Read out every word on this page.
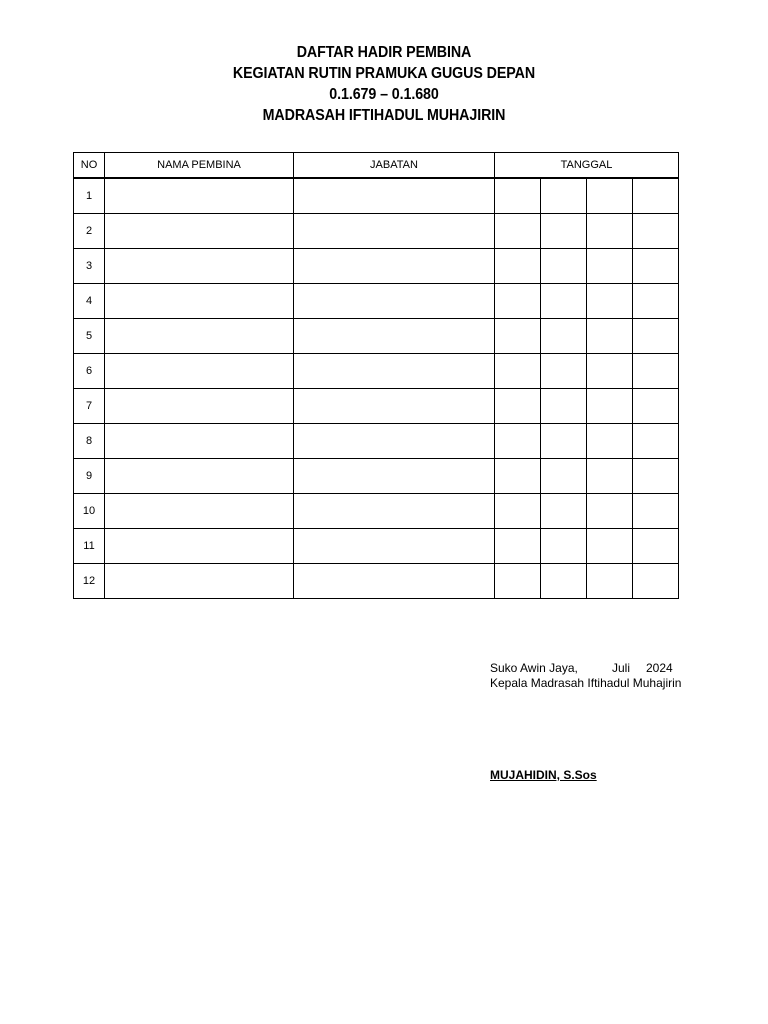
DAFTAR HADIR PEMBINA
KEGIATAN RUTIN PRAMUKA GUGUS DEPAN
0.1.679 – 0.1.680
MADRASAH IFTIHADUL MUHAJIRIN
NO	NAMA PEMBINA	JABATAN	TANGGAL			
1						
2						
3						
4						
5						
6						
7						
8						
9						
10						
11						
12						
Suko Awin Jaya,	Juli	2024
Kepala Madrasah Iftihadul Muhajirin
MUJAHIDIN, S.Sos
